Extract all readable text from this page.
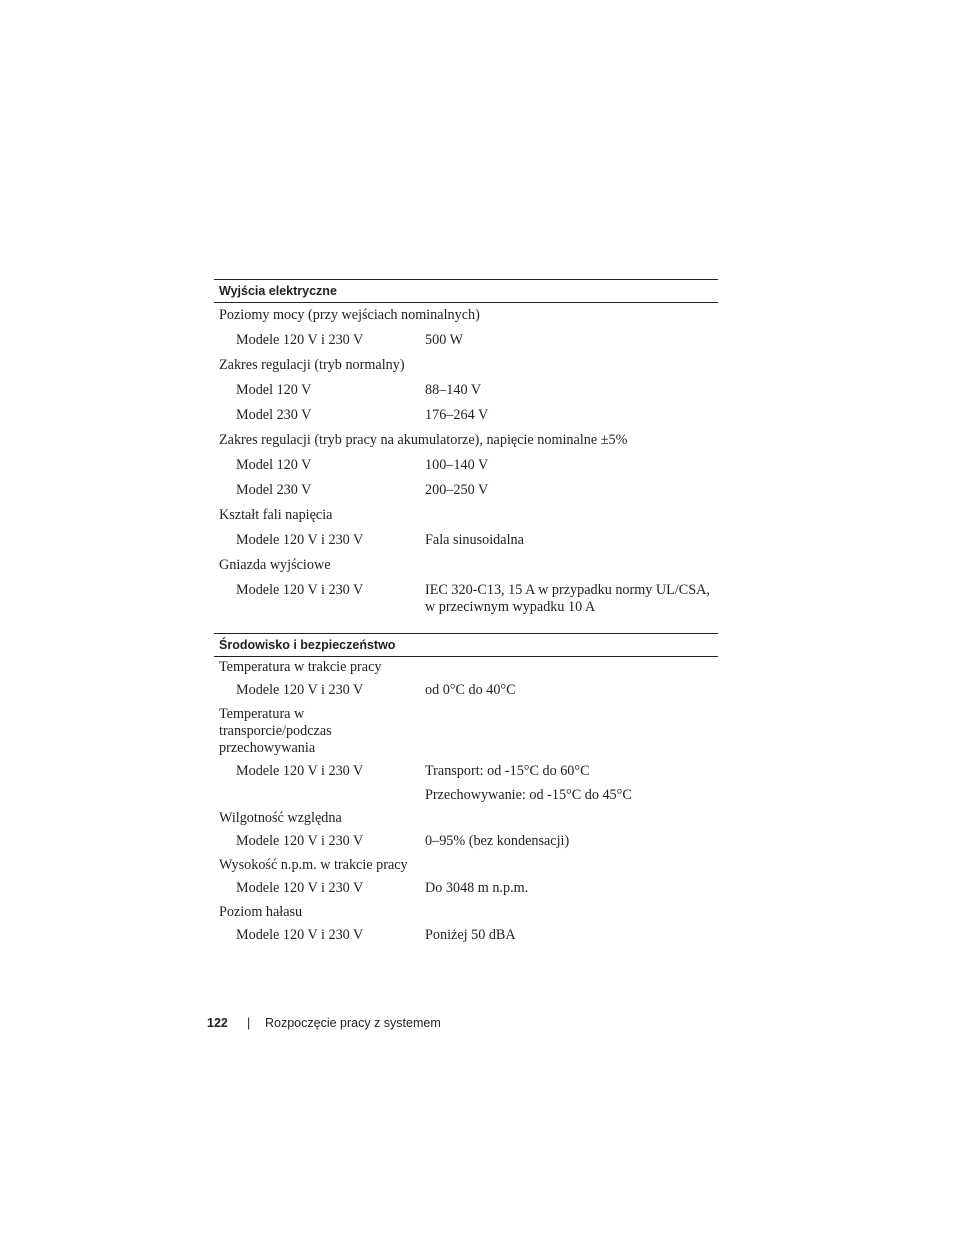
Wyjścia elektryczne
Poziomy mocy (przy wejściach nominalnych)
Modele 120 V i 230 V	500 W
Zakres regulacji (tryb normalny)
Model 120 V	88–140 V
Model 230 V	176–264 V
Zakres regulacji (tryb pracy na akumulatorze), napięcie nominalne ±5%
Model 120 V	100–140 V
Model 230 V	200–250 V
Kształt fali napięcia
Modele 120 V i 230 V	Fala sinusoidalna
Gniazda wyjściowe
Modele 120 V i 230 V	IEC 320-C13, 15 A w przypadku normy UL/CSA,
w przeciwnym wypadku 10 A
Środowisko i bezpieczeństwo
Temperatura w trakcie pracy
Modele 120 V i 230 V	od 0°C do 40°C
Temperatura w
transporcie/podczas
przechowywania
Modele 120 V i 230 V	Transport: od -15°C do 60°C
Przechowywanie: od -15°C do 45°C
Wilgotność względna
Modele 120 V i 230 V	0–95% (bez kondensacji)
Wysokość n.p.m. w trakcie pracy
Modele 120 V i 230 V	Do 3048 m n.p.m.
Poziom hałasu
Modele 120 V i 230 V	Poniżej 50 dBA
122 | Rozpoczęcie pracy z systemem
